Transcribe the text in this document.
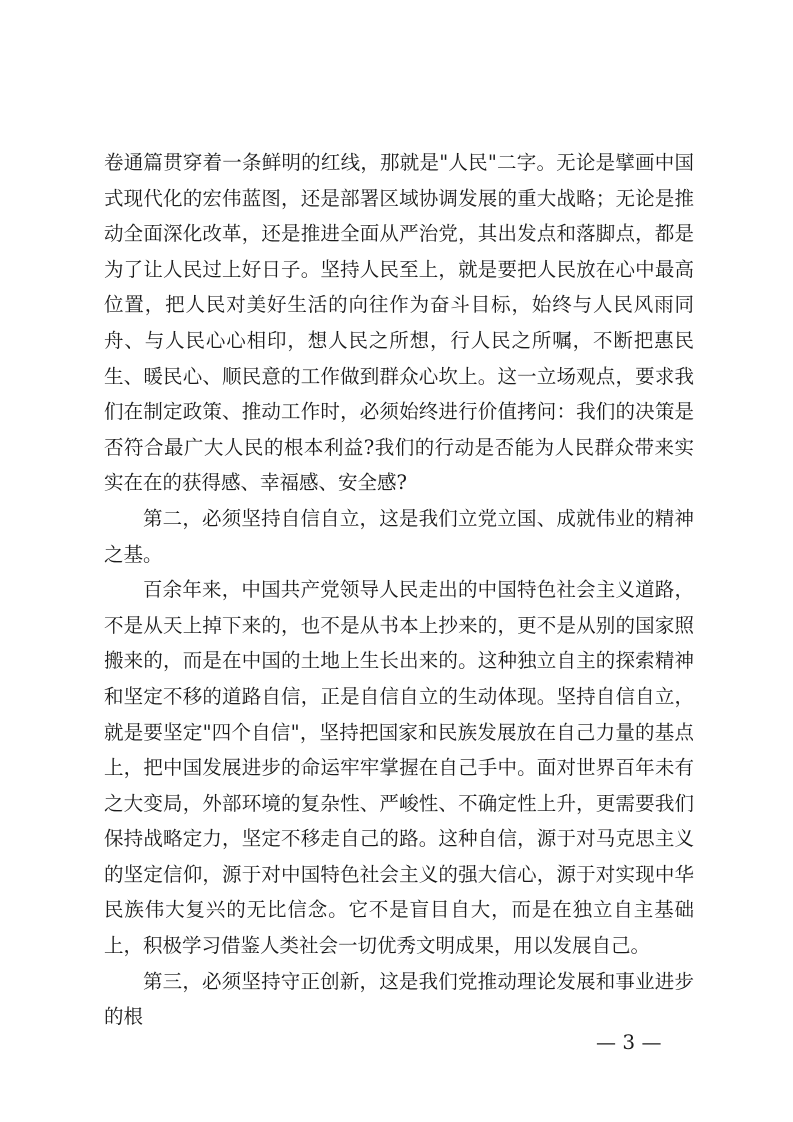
卷通篇贯穿着一条鲜明的红线，那就是"人民"二字。无论是擘画中国式现代化的宏伟蓝图，还是部署区域协调发展的重大战略；无论是推动全面深化改革，还是推进全面从严治党，其出发点和落脚点，都是为了让人民过上好日子。坚持人民至上，就是要把人民放在心中最高位置，把人民对美好生活的向往作为奋斗目标，始终与人民风雨同舟、与人民心心相印，想人民之所想，行人民之所嘱，不断把惠民生、暖民心、顺民意的工作做到群众心坎上。这一立场观点，要求我们在制定政策、推动工作时，必须始终进行价值拷问：我们的决策是否符合最广大人民的根本利益?我们的行动是否能为人民群众带来实实在在的获得感、幸福感、安全感?

第二，必须坚持自信自立，这是我们立党立国、成就伟业的精神之基。

百余年来，中国共产党领导人民走出的中国特色社会主义道路，不是从天上掉下来的，也不是从书本上抄来的，更不是从别的国家照搬来的，而是在中国的土地上生长出来的。这种独立自主的探索精神和坚定不移的道路自信，正是自信自立的生动体现。坚持自信自立，就是要坚定"四个自信"，坚持把国家和民族发展放在自己力量的基点上，把中国发展进步的命运牢牢掌握在自己手中。面对世界百年未有之大变局，外部环境的复杂性、严峻性、不确定性上升，更需要我们保持战略定力，坚定不移走自己的路。这种自信，源于对马克思主义的坚定信仰，源于对中国特色社会主义的强大信心，源于对实现中华民族伟大复兴的无比信念。它不是盲目自大，而是在独立自主基础上，积极学习借鉴人类社会一切优秀文明成果，用以发展自己。

第三，必须坚持守正创新，这是我们党推动理论发展和事业进步的根

— 3 —
